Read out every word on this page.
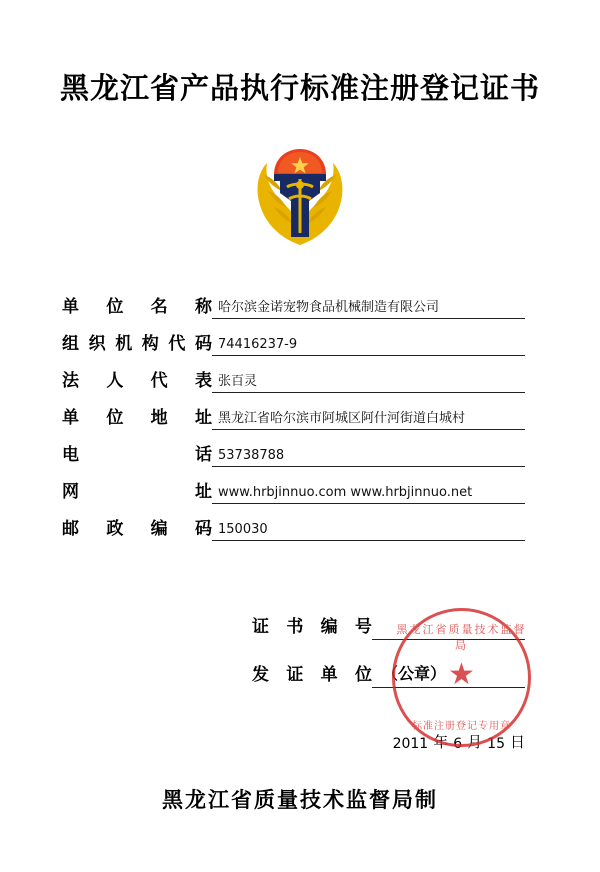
黑龙江省产品执行标准注册登记证书
单 位 名 称 哈尔滨金诺宠物食品机械制造有限公司
组 织 机 构 代 码 74416237-9
法 人 代 表 张百灵
单 位 地 址 黑龙江省哈尔滨市阿城区阿什河街道白城村
电

	话 53738788
网

	址 www.hrbjinnuo.com www.hrbjinnuo.net
邮 政 编 码 150030
证 书 编 号
发 证 单 位 （公章）
2011 年 6 月 15 日
黑龙江省质量技术监督局
★
标准注册登记专用章
黑龙江省质量技术监督局制
